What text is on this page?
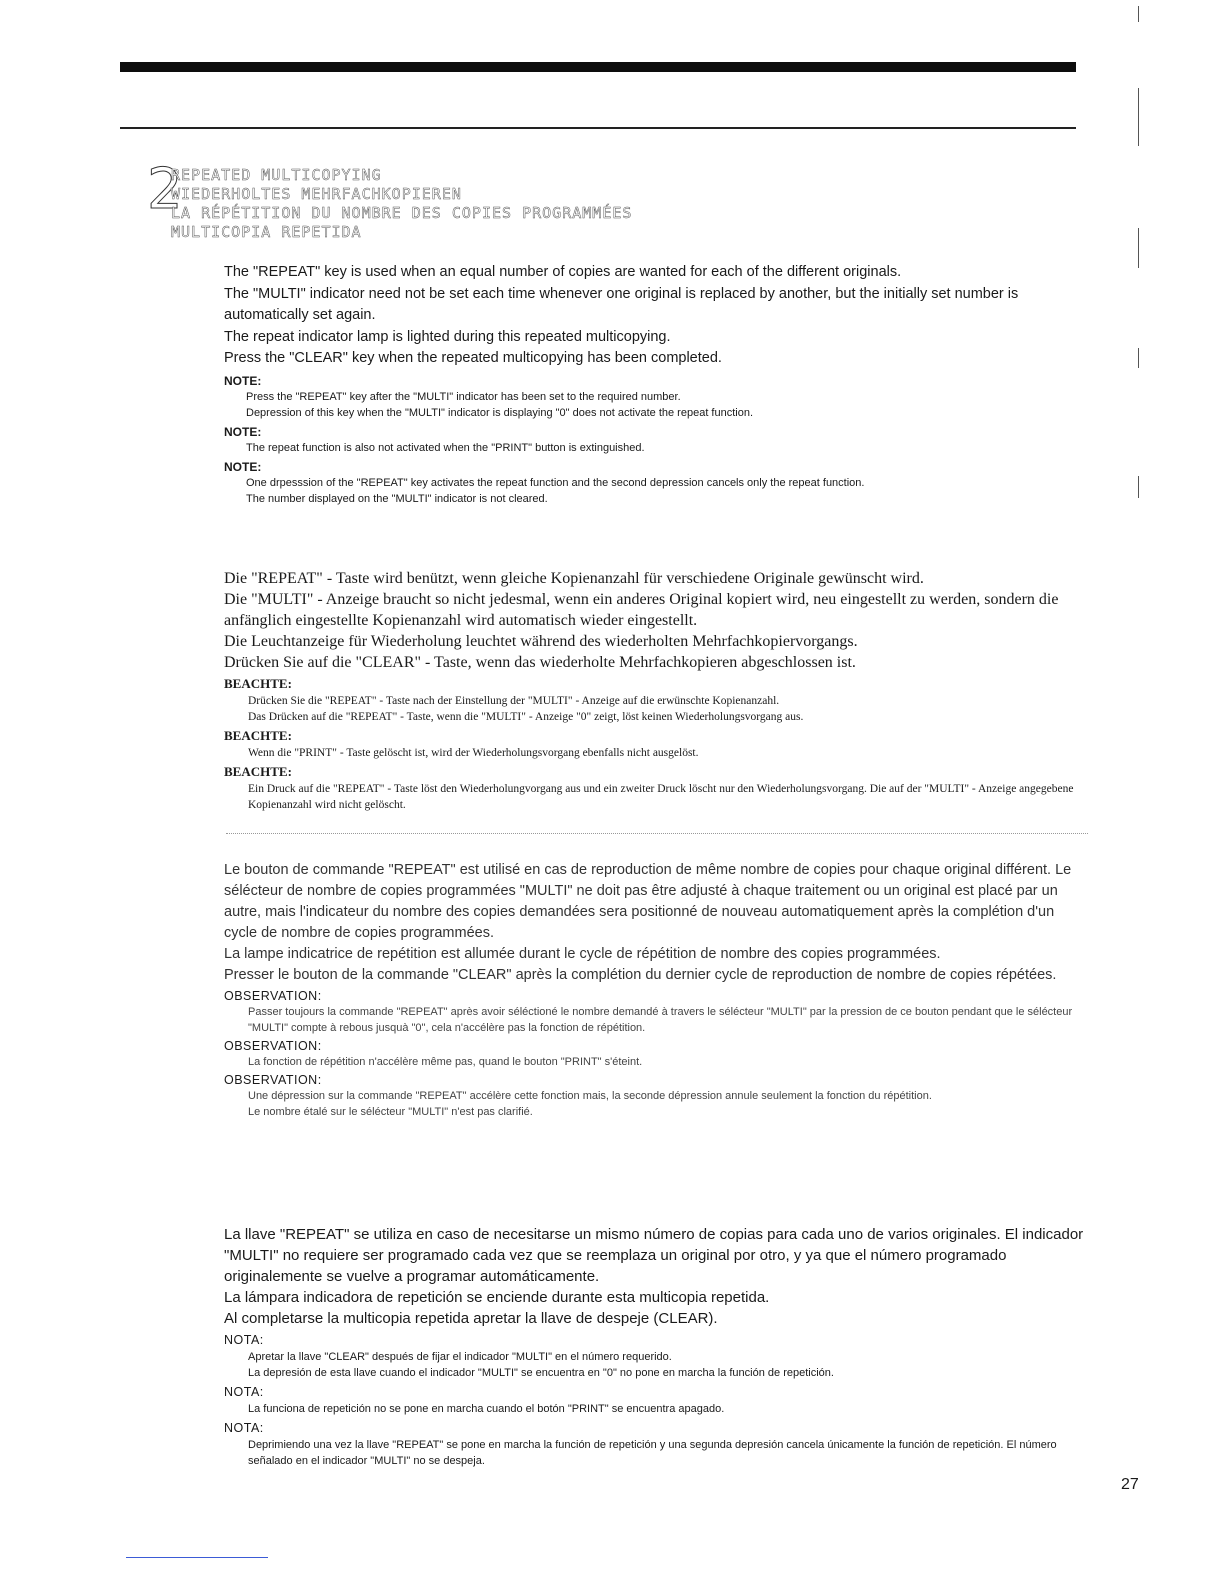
2
REPEATED MULTICOPYING
WIEDERHOLTES MEHRFACHKOPIEREN
LA RÉPÉTITION DU NOMBRE DES COPIES PROGRAMMÉES
MULTICOPIA REPETIDA

The "REPEAT" key is used when an equal number of copies are wanted for each of the different originals.

The "MULTI" indicator need not be set each time whenever one original is replaced by another, but the initially set number is automatically set again.

The repeat indicator lamp is lighted during this repeated multicopying.

Press the "CLEAR" key when the repeated multicopying has been completed.

NOTE:

Press the "REPEAT" key after the "MULTI" indicator has been set to the required number.

Depression of this key when the "MULTI" indicator is displaying "0" does not activate the repeat function.

NOTE:

The repeat function is also not activated when the "PRINT" button is extinguished.

NOTE:

One drpesssion of the "REPEAT" key activates the repeat function and the second depression cancels only the repeat function.

The number displayed on the "MULTI" indicator is not cleared.

Die "REPEAT" - Taste wird benützt, wenn gleiche Kopienanzahl für verschiedene Originale gewünscht wird.

Die "MULTI" - Anzeige braucht so nicht jedesmal, wenn ein anderes Original kopiert wird, neu eingestellt zu werden, sondern die anfänglich eingestellte Kopienanzahl wird automatisch wieder eingestellt.

Die Leuchtanzeige für Wiederholung leuchtet während des wiederholten Mehrfachkopiervorgangs.

Drücken Sie auf die "CLEAR" - Taste, wenn das wiederholte Mehrfachkopieren abgeschlossen ist.

BEACHTE:

Drücken Sie die "REPEAT" - Taste nach der Einstellung der "MULTI" - Anzeige auf die erwünschte Kopienanzahl.

Das Drücken auf die "REPEAT" - Taste, wenn die "MULTI" - Anzeige "0" zeigt, löst keinen Wiederholungsvorgang aus.

BEACHTE:

Wenn die "PRINT" - Taste gelöscht ist, wird der Wiederholungsvorgang ebenfalls nicht ausgelöst.

BEACHTE:

Ein Druck auf die "REPEAT" - Taste löst den Wiederholungvorgang aus und ein zweiter Druck löscht nur den Wiederholungsvorgang. Die auf der "MULTI" - Anzeige angegebene Kopienanzahl wird nicht gelöscht.

Le bouton de commande "REPEAT" est utilisé en cas de reproduction de même nombre de copies pour chaque original différent. Le sélécteur de nombre de copies programmées "MULTI" ne doit pas être adjusté à chaque traitement ou un original est placé par un autre, mais l'indicateur du nombre des copies demandées sera positionné de nouveau automatiquement après la complétion d'un cycle de nombre de copies programmées.

La lampe indicatrice de repétition est allumée durant le cycle de répétition de nombre des copies programmées.

Presser le bouton de la commande "CLEAR" après la complétion du dernier cycle de reproduction de nombre de copies répétées.

OBSERVATION:

Passer toujours la commande "REPEAT" après avoir séléctioné le nombre demandé à travers le sélécteur "MULTI" par la pression de ce bouton pendant que le sélécteur "MULTI" compte à rebous jusquà "0", cela n'accélère pas la fonction de répétition.

OBSERVATION:

La fonction de répétition n'accélère même pas, quand le bouton "PRINT" s'éteint.

OBSERVATION:

Une dépression sur la commande "REPEAT" accélère cette fonction mais, la seconde dépression annule seulement la fonction du répétition.

Le nombre étalé sur le sélécteur "MULTI" n'est pas clarifié.

La llave "REPEAT" se utiliza en caso de necesitarse un mismo número de copias para cada uno de varios originales. El indicador "MULTI" no requiere ser programado cada vez que se reemplaza un original por otro, y ya que el número programado originalemente se vuelve a programar automáticamente.

La lámpara indicadora de repetición se enciende durante esta multicopia repetida.

Al completarse la multicopia repetida apretar la llave de despeje (CLEAR).

NOTA:

Apretar la llave "CLEAR" después de fijar el indicador "MULTI" en el número requerido.

La depresión de esta llave cuando el indicador "MULTI" se encuentra en "0" no pone en marcha la función de repetición.

NOTA:

La funciona de repetición no se pone en marcha cuando el botón "PRINT" se encuentra apagado.

NOTA:

Deprimiendo una vez la llave "REPEAT" se pone en marcha la función de repetición y una segunda depresión cancela únicamente la función de repetición. El número señalado en el indicador "MULTI" no se despeja.

27
